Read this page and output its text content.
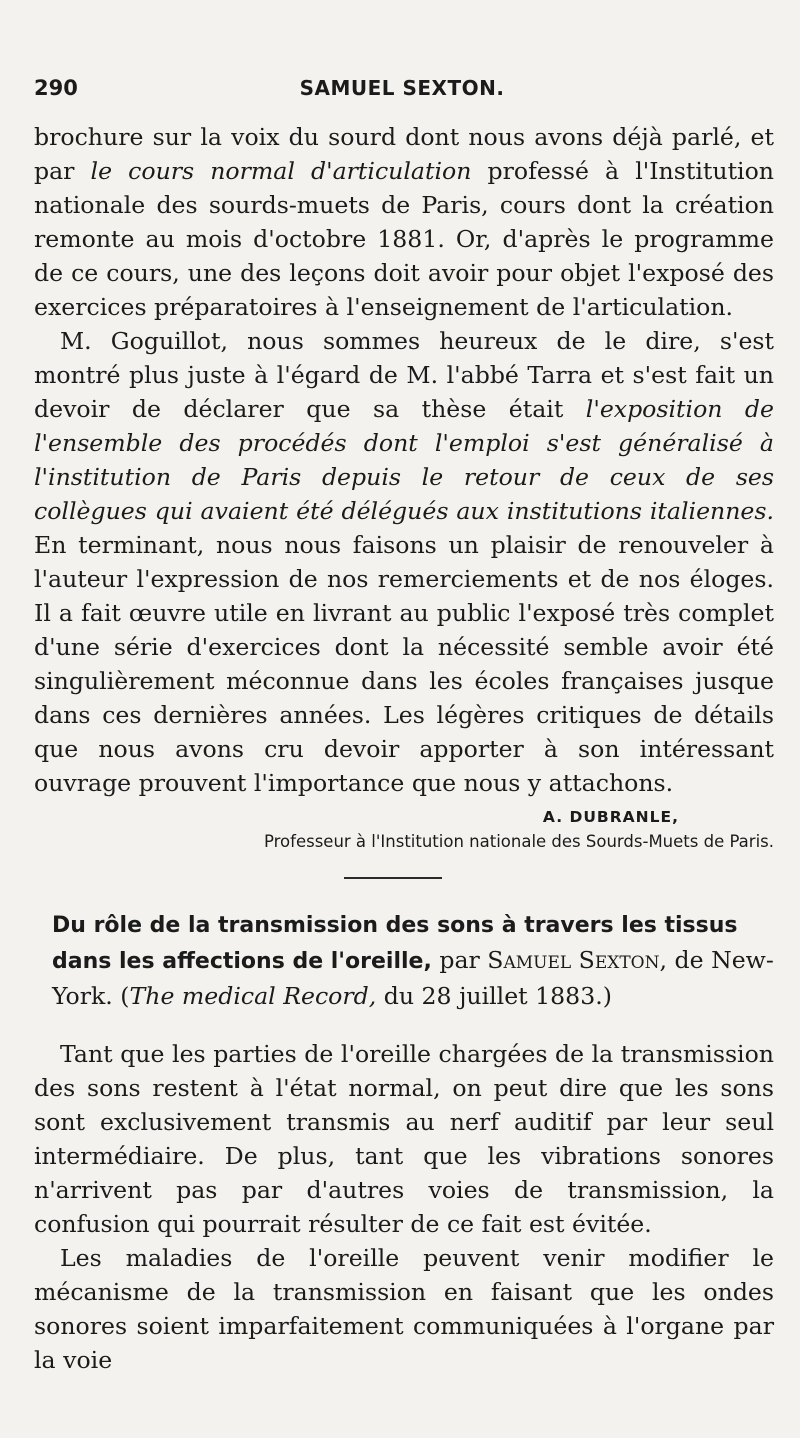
290	SAMUEL SEXTON.

brochure sur la voix du sourd dont nous avons déjà parlé, et par le cours normal d'articulation professé à l'Institution nationale des sourds-muets de Paris, cours dont la création remonte au mois d'octobre 1881. Or, d'après le programme de ce cours, une des leçons doit avoir pour objet l'exposé des exercices préparatoires à l'enseignement de l'articulation.

M. Goguillot, nous sommes heureux de le dire, s'est montré plus juste à l'égard de M. l'abbé Tarra et s'est fait un devoir de déclarer que sa thèse était l'exposition de l'ensemble des procédés dont l'emploi s'est généralisé à l'institution de Paris depuis le retour de ceux de ses collègues qui avaient été délégués aux institutions italiennes. En terminant, nous nous faisons un plaisir de renouveler à l'auteur l'expression de nos remerciements et de nos éloges. Il a fait œuvre utile en livrant au public l'exposé très complet d'une série d'exercices dont la nécessité semble avoir été singulièrement méconnue dans les écoles françaises jusque dans ces dernières années. Les légères critiques de détails que nous avons cru devoir apporter à son intéressant ouvrage prouvent l'importance que nous y attachons.

A. DUBRANLE,
Professeur à l'Institution nationale des Sourds-Muets de Paris.
Du rôle de la transmission des sons à travers les tissus dans les affections de l'oreille, par Samuel Sexton, de New-York. (The medical Record, du 28 juillet 1883.)

Tant que les parties de l'oreille chargées de la transmission des sons restent à l'état normal, on peut dire que les sons sont exclusivement transmis au nerf auditif par leur seul intermédiaire. De plus, tant que les vibrations sonores n'arrivent pas par d'autres voies de transmission, la confusion qui pourrait résulter de ce fait est évitée.

Les maladies de l'oreille peuvent venir modifier le mécanisme de la transmission en faisant que les ondes sonores soient imparfaitement communiquées à l'organe par la voie
